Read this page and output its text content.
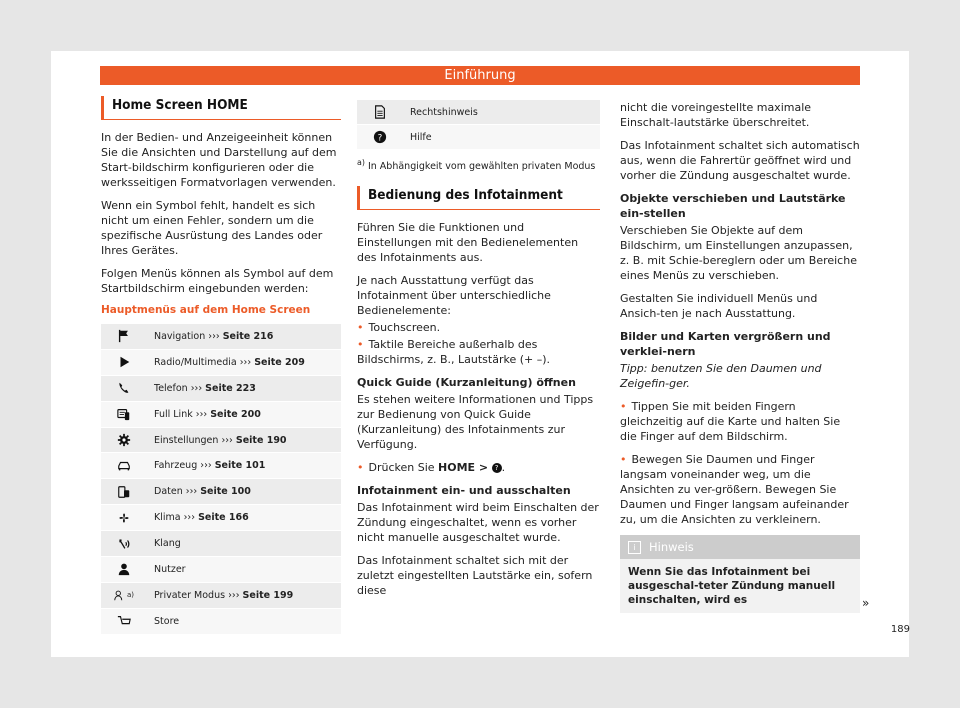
Einführung
Home Screen HOME

In der Bedien- und Anzeigeeinheit können Sie die Ansichten und Darstellung auf dem Start-bildschirm konfigurieren oder die werksseitigen Formatvorlagen verwenden.

Wenn ein Symbol fehlt, handelt es sich nicht um einen Fehler, sondern um die spezifische Ausrüstung des Landes oder Ihres Gerätes.

Folgen Menüs können als Symbol auf dem Startbildschirm eingebunden werden:

Hauptmenüs auf dem Home Screen
Navigation ››› Seite 216
Radio/Multimedia ››› Seite 209
Telefon ››› Seite 223
Full Link ››› Seite 200
Einstellungen ››› Seite 190
Fahrzeug ››› Seite 101
Daten ››› Seite 100
Klima ››› Seite 166
Klang
Nutzer
a)	Privater Modus ››› Seite 199
Store
Rechtshinweis
?	Hilfe
$^{a)}$ In Abhängigkeit vom gewählten privaten Modus
Bedienung des Infotainment

Führen Sie die Funktionen und Einstellungen mit den Bedienelementen des Infotainments aus.

Je nach Ausstattung verfügt das Infotainment über unterschiedliche Bedienelemente:

• Touchscreen.

• Taktile Bereiche außerhalb des Bildschirms, z. B., Lautstärke (+ –).

Quick Guide (Kurzanleitung) öffnen

Es stehen weitere Informationen und Tipps zur Bedienung von Quick Guide (Kurzanleitung) des Infotainments zur Verfügung.

• Drücken Sie HOME > ? .

Infotainment ein- und ausschalten

Das Infotainment wird beim Einschalten der Zündung eingeschaltet, wenn es vorher nicht manuelle ausgeschaltet wurde.

Das Infotainment schaltet sich mit der zuletzt eingestellten Lautstärke ein, sofern diese

nicht die voreingestellte maximale Einschalt-lautstärke überschreitet.

Das Infotainment schaltet sich automatisch aus, wenn die Fahrertür geöffnet wird und vorher die Zündung ausgeschaltet wurde.

Objekte verschieben und Lautstärke ein-stellen

Verschieben Sie Objekte auf dem Bildschirm, um Einstellungen anzupassen, z. B. mit Schie-bereglern oder um Bereiche eines Menüs zu verschieben.

Gestalten Sie individuell Menüs und Ansich-ten je nach Ausstattung.

Bilder und Karten vergrößern und verklei-nern

Tipp: benutzen Sie den Daumen und Zeigefin-ger.

• Tippen Sie mit beiden Fingern gleichzeitig auf die Karte und halten Sie die Finger auf dem Bildschirm.

• Bewegen Sie Daumen und Finger langsam voneinander weg, um die Ansichten zu ver-größern. Bewegen Sie Daumen und Finger langsam aufeinander zu, um die Ansichten zu verkleinern.

i	Hinweis
Wenn Sie das Infotainment bei ausgeschal-teter Zündung manuell einschalten, wird es	»
189
